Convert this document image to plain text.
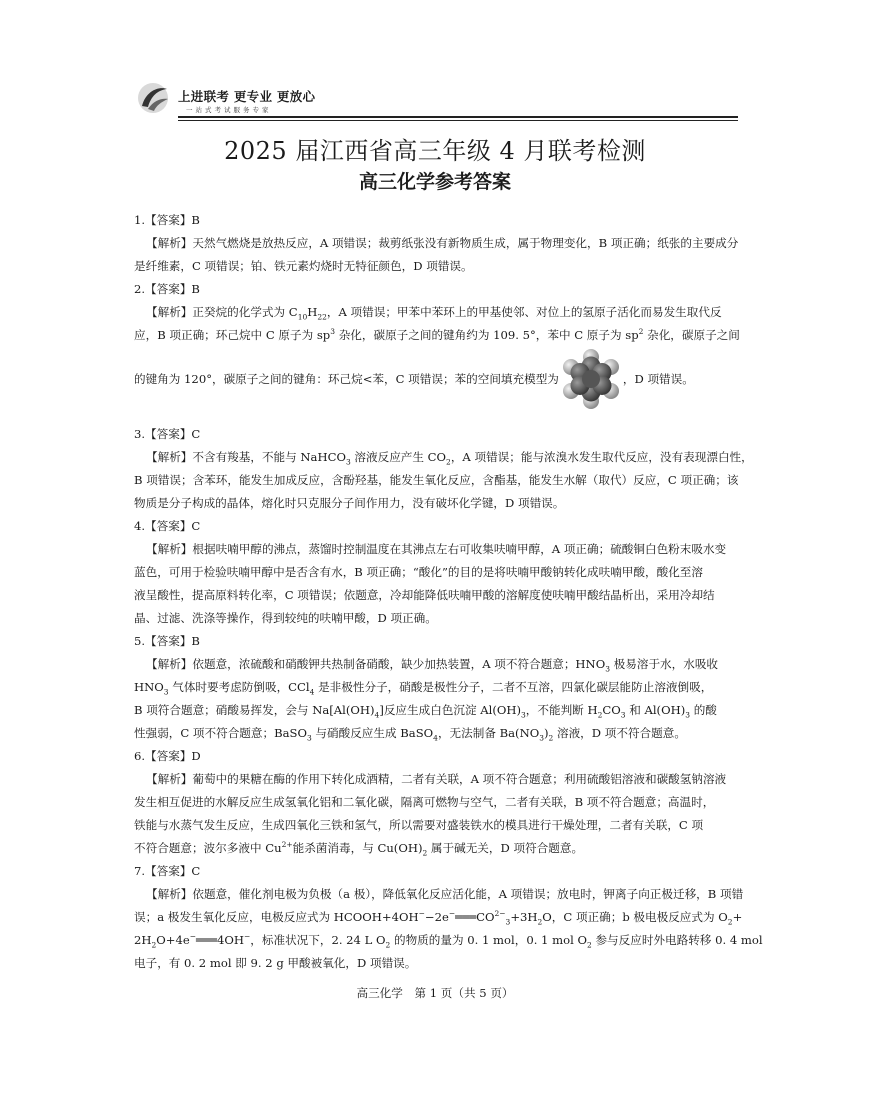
上进联考 更专业 更放心
一站式考试服务专家
2025 届江西省高三年级 4 月联考检测
高三化学参考答案
1.【答案】B
【解析】天然气燃烧是放热反应，A 项错误；裁剪纸张没有新物质生成，属于物理变化，B 项正确；纸张的主要成分
是纤维素，C 项错误；铂、铁元素灼烧时无特征颜色，D 项错误。
2.【答案】B
【解析】正癸烷的化学式为 $C_{10}H_{22}$，A 项错误；甲苯中苯环上的甲基使邻、对位上的氢原子活化而易发生取代反
应，B 项正确；环己烷中 C 原子为 $sp^3$ 杂化，碳原子之间的键角约为 109. 5°，苯中 C 原子为 $sp^2$ 杂化，碳原子之间
的键角为 120°，碳原子之间的键角：环己烷<苯，C 项错误；苯的空间填充模型为	，D 项错误。
3.【答案】C
【解析】不含有羧基，不能与 NaHCO$_3$ 溶液反应产生 $CO_2$，A 项错误；能与浓溴水发生取代反应，没有表现漂白性，
B 项错误；含苯环，能发生加成反应，含酚羟基，能发生氧化反应，含酯基，能发生水解（取代）反应，C 项正确；该
物质是分子构成的晶体，熔化时只克服分子间作用力，没有破坏化学键，D 项错误。
4.【答案】C
【解析】根据呋喃甲醇的沸点，蒸馏时控制温度在其沸点左右可收集呋喃甲醇，A 项正确；硫酸铜白色粉末吸水变
蓝色，可用于检验呋喃甲醇中是否含有水，B 项正确；“酸化”的目的是将呋喃甲酸钠转化成呋喃甲酸，酸化至溶
液呈酸性，提高原料转化率，C 项错误；依题意，冷却能降低呋喃甲酸的溶解度使呋喃甲酸结晶析出，采用冷却结
晶、过滤、洗涤等操作，得到较纯的呋喃甲酸，D 项正确。
5.【答案】B
【解析】依题意，浓硫酸和硝酸钾共热制备硝酸，缺少加热装置，A 项不符合题意；$HNO_3$ 极易溶于水，水吸收
$HNO_3$ 气体时要考虑防倒吸，CCl$_4$ 是非极性分子，硝酸是极性分子，二者不互溶，四氯化碳层能防止溶液倒吸，
B 项符合题意；硝酸易挥发，会与 $Na[Al(OH)_4]$反应生成白色沉淀 $Al(OH)_3$，不能判断 $H_2CO_3$ 和 $Al(OH)_3$ 的酸
性强弱，C 项不符合题意；BaSO$_3$ 与硝酸反应生成 BaSO$_4$，无法制备 $Ba(NO_3)_2$ 溶液，D 项不符合题意。
6.【答案】D
【解析】葡萄中的果糖在酶的作用下转化成酒精，二者有关联，A 项不符合题意；利用硫酸铝溶液和碳酸氢钠溶液
发生相互促进的水解反应生成氢氧化铝和二氧化碳，隔离可燃物与空气，二者有关联，B 项不符合题意；高温时，
铁能与水蒸气发生反应，生成四氧化三铁和氢气，所以需要对盛装铁水的模具进行干燥处理，二者有关联，C 项
不符合题意；波尔多液中 $Cu^{2+}$能杀菌消毒，与 $Cu(OH)_2$ 属于碱无关，D 项符合题意。
7.【答案】C
【解析】依题意，催化剂电极为负极（a 极），降低氧化反应活化能，A 项错误；放电时，钾离子向正极迁移，B 项错
误；a 极发生氧化反应，电极反应式为 $HCOOH+4OH^--2e^-═══CO^{2-}_3+3H_2O$，C 项正确；b 极电极反应式为 $O_2+$
$2H_2O+4e^-═══4OH^-$，标准状况下，2. 24 L $O_2$ 的物质的量为 0. 1 mol，0. 1 mol $O_2$ 参与反应时外电路转移 0. 4 mol
电子，有 0. 2 mol 即 9. 2 g 甲酸被氧化，D 项错误。
高三化学　第 1 页（共 5 页）
